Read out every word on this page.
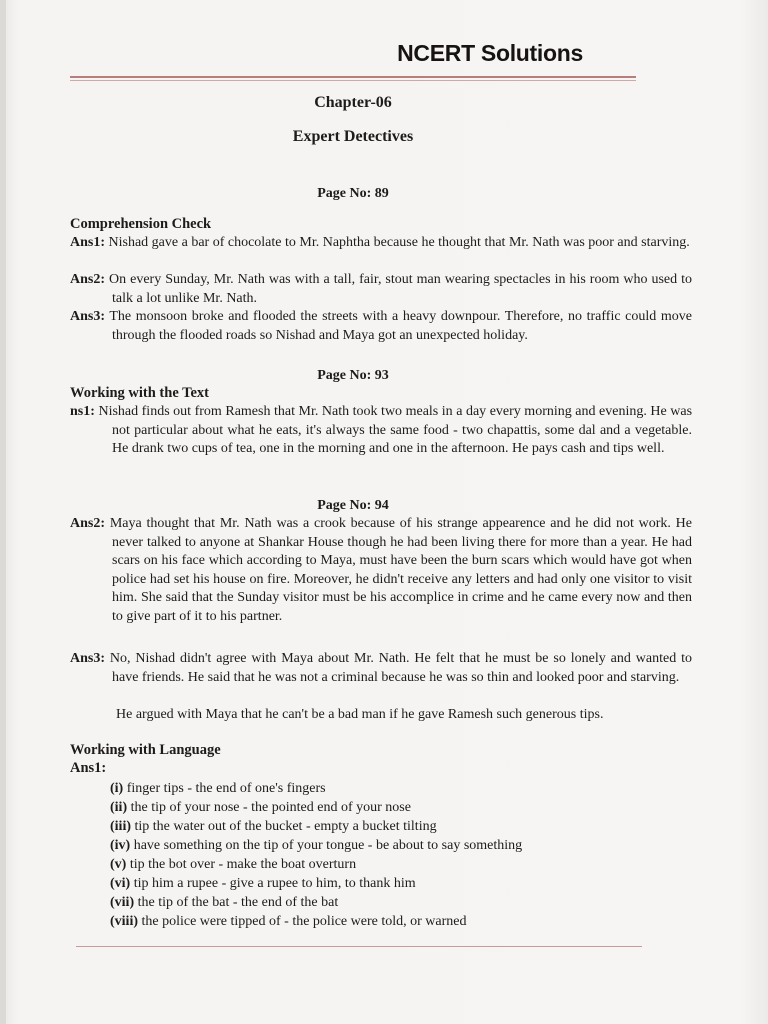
NCERT Solutions
Chapter-06
Expert Detectives
Page No: 89
Comprehension Check
Ans1: Nishad gave a bar of chocolate to Mr. Naphtha because he thought that Mr. Nath was poor and starving.
Ans2: On every Sunday, Mr. Nath was with a tall, fair, stout man wearing spectacles in his room who used to talk a lot unlike Mr. Nath.
Ans3: The monsoon broke and flooded the streets with a heavy downpour. Therefore, no traffic could move through the flooded roads so Nishad and Maya got an unexpected holiday.
Page No: 93
Working with the Text
ns1: Nishad finds out from Ramesh that Mr. Nath took two meals in a day every morning and evening. He was not particular about what he eats, it's always the same food - two chapattis, some dal and a vegetable. He drank two cups of tea, one in the morning and one in the afternoon. He pays cash and tips well.
Page No: 94
Ans2: Maya thought that Mr. Nath was a crook because of his strange appearence and he did not work. He never talked to anyone at Shankar House though he had been living there for more than a year. He had scars on his face which according to Maya, must have been the burn scars which would have got when police had set his house on fire. Moreover, he didn't receive any letters and had only one visitor to visit him. She said that the Sunday visitor must be his accomplice in crime and he came every now and then to give part of it to his partner.
Ans3: No, Nishad didn't agree with Maya about Mr. Nath. He felt that he must be so lonely and wanted to have friends. He said that he was not a criminal because he was so thin and looked poor and starving.
He argued with Maya that he can't be a bad man if he gave Ramesh such generous tips.
Working with Language
Ans1:
(i) finger tips - the end of one's fingers
(ii) the tip of your nose - the pointed end of your nose
(iii) tip the water out of the bucket - empty a bucket tilting
(iv) have something on the tip of your tongue - be about to say something
(v) tip the bot over - make the boat overturn
(vi) tip him a rupee - give a rupee to him, to thank him
(vii) the tip of the bat - the end of the bat
(viii) the police were tipped of - the police were told, or warned
